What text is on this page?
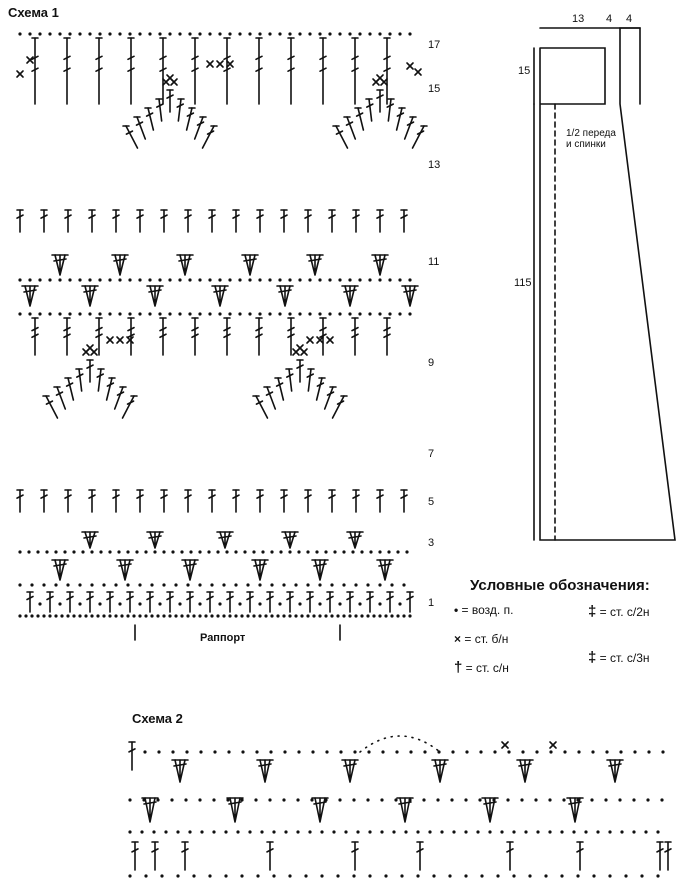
Схема 1
17
15
13
11
9
7
5
3
1
Раппорт
13 4 4
15
115
1/2 переда и спинки
Условные обозначения:
• = возд. п.
× = ст. б/н
† = ст. с/н
‡ = ст. с/2н
‡ = ст. с/3н
Схема 2
